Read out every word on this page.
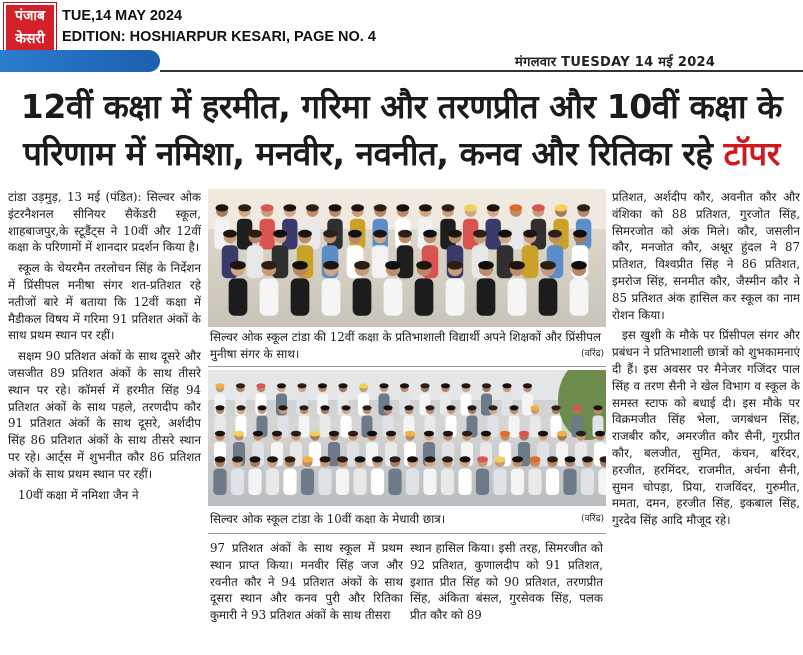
पंजाब
केसरी
TUE,14 MAY 2024
EDITION: HOSHIARPUR KESARI, PAGE NO. 4
मंगलवार TUESDAY 14 मई 2024
12वीं कक्षा में हरमीत, गरिमा और तरणप्रीत और 10वीं कक्षा के
परिणाम में नमिशा, मनवीर, नवनीत, कनव और रितिका रहे टॉपर

टांडा उड़मुड़, 13 मई (पंडित): सिल्वर ओक इंटरनैशनल सीनियर सैकेंडरी स्कूल, शाहबाजपुर,के स्टूडैंट्स ने 10वीं और 12वीं कक्षा के परिणामों में शानदार प्रदर्शन किया है।

स्कूल के चेयरमैन तरलोचन सिंह के निर्देशन में प्रिंसीपल मनीषा संगर शत-प्रतिशत रहे नतीजों बारे में बताया कि 12वीं कक्षा में मैडीकल विषय में गरिमा 91 प्रतिशत अंकों के साथ प्रथम स्थान पर रहीं।

सक्षम 90 प्रतिशत अंकों के साथ दूसरे और जसजीत 89 प्रतिशत अंकों के साथ तीसरे स्थान पर रहे। कॉमर्स में हरमीत सिंह 94 प्रतिशत अंकों के साथ पहले, तरणदीप कौर 91 प्रतिशत अंकों के साथ दूसरे, अर्शदीप सिंह 86 प्रतिशत अंकों के साथ तीसरे स्थान पर रहे। आर्ट्स में शुभनीत कौर 86 प्रतिशत अंकों के साथ प्रथम स्थान पर रहीं।

10वीं कक्षा में नमिशा जैन ने

सिल्वर ओक स्कूल टांडा की 12वीं कक्षा के प्रतिभाशाली विद्यार्थी अपने शिक्षकों और प्रिंसीपल मुनीषा संगर के साथ।	(वरिंद्र)
सिल्वर ओक स्कूल टांडा के 10वीं कक्षा के मेधावी छात्र।	(वरिंद्र)

97 प्रतिशत अंकों के साथ स्कूल में प्रथम स्थान प्राप्त किया। मनवीर सिंह जज और रवनीत कौर ने 94 प्रतिशत अंकों के साथ दूसरा स्थान और कनव पुरी और रितिका कुमारी ने 93 प्रतिशत अंकों के साथ तीसरा

स्थान हासिल किया। इसी तरह, सिमरजीत को 92 प्रतिशत, कुणालदीप को 91 प्रतिशत, इशात प्रीत सिंह को 90 प्रतिशत, तरणप्रीत सिंह, अंकिता बंसल, गुरसेवक सिंह, पलक प्रीत कौर को 89

प्रतिशत, अर्शदीप कौर, अवनीत कौर और वंशिका को 88 प्रतिशत, गुरजोत सिंह, सिमरजोत को अंक मिले। कौर, जसलीन कौर, मनजोत कौर, अश्नूर हुंदल ने 87 प्रतिशत, विश्वप्रीत सिंह ने 86 प्रतिशत, इमरोज सिंह, सनमीत कौर, जैस्मीन कौर ने 85 प्रतिशत अंक हासिल कर स्कूल का नाम रोशन किया।

इस खुशी के मौके पर प्रिंसीपल संगर और प्रबंधन ने प्रतिभाशाली छात्रों को शुभकामनाएं दी हैं। इस अवसर पर मैनेजर गजिंदर पाल सिंह व तरण सैनी ने खेल विभाग व स्कूल के समस्त स्टाफ को बधाई दी। इस मौके पर विक्रमजीत सिंह भेला, जगबंधन सिंह, राजबीर कौर, अमरजीत कौर सैनी, गुरप्रीत कौर, बलजीत, सुमित, कंचन, बरिंदर, हरजीत, हरमिंदर, राजमीत, अर्चना सैनी, सुमन चोपड़ा, प्रिया, राजविंदर, गुरुमीत, ममता, दमन, हरजीत सिंह, इकबाल सिंह, गुरदेव सिंह आदि मौजूद रहे।
